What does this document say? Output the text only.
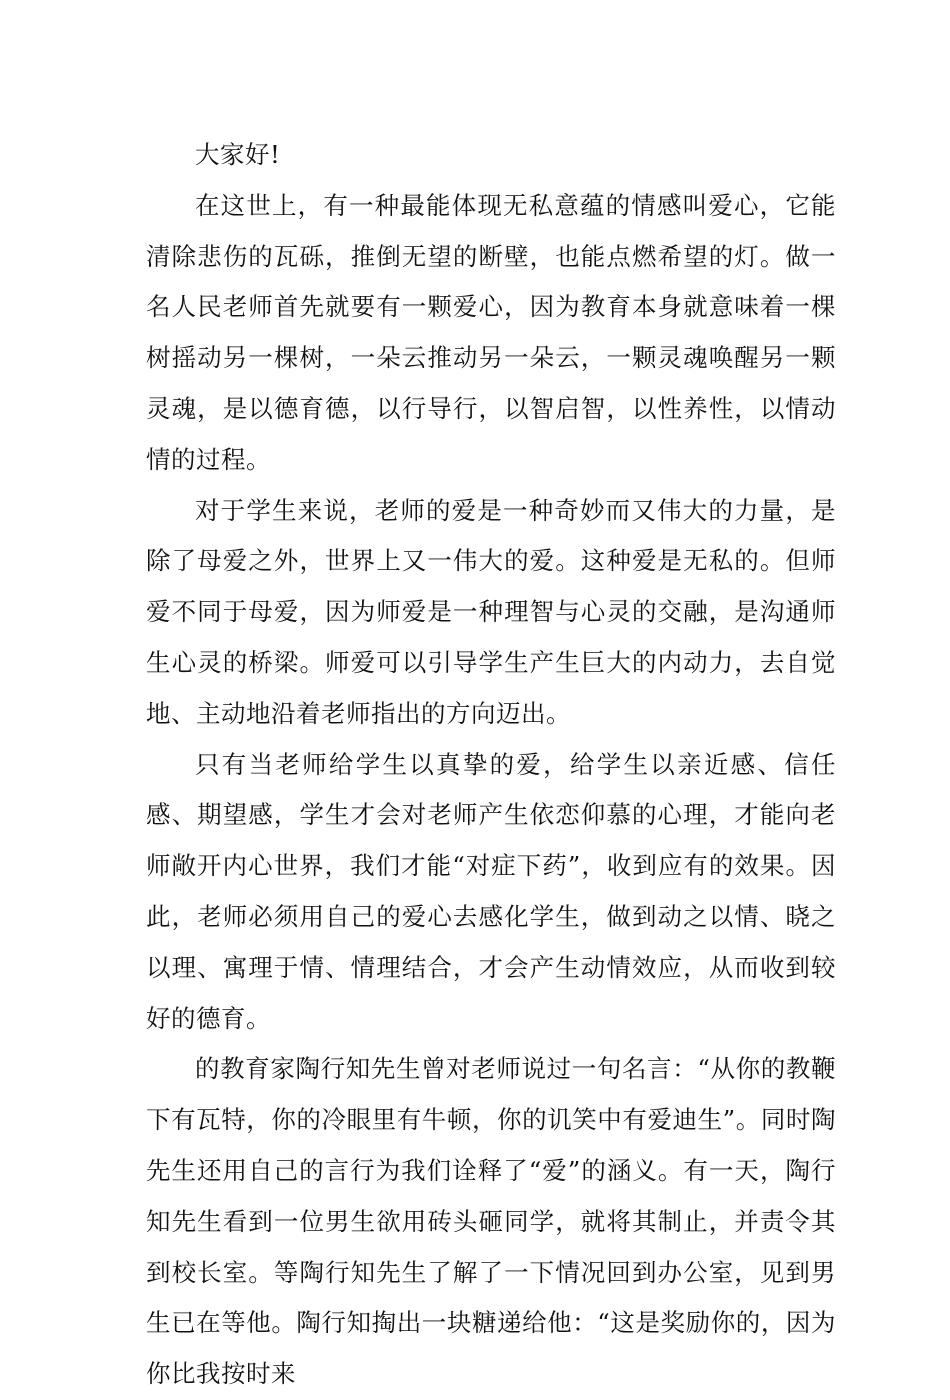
大家好!

在这世上，有一种最能体现无私意蕴的情感叫爱心，它能清除悲伤的瓦砾，推倒无望的断壁，也能点燃希望的灯。做一名人民老师首先就要有一颗爱心，因为教育本身就意味着一棵树摇动另一棵树，一朵云推动另一朵云，一颗灵魂唤醒另一颗灵魂，是以德育德，以行导行，以智启智，以性养性，以情动情的过程。

对于学生来说，老师的爱是一种奇妙而又伟大的力量，是除了母爱之外，世界上又一伟大的爱。这种爱是无私的。但师爱不同于母爱，因为师爱是一种理智与心灵的交融，是沟通师生心灵的桥梁。师爱可以引导学生产生巨大的内动力，去自觉地、主动地沿着老师指出的方向迈出。

只有当老师给学生以真挚的爱，给学生以亲近感、信任感、期望感，学生才会对老师产生依恋仰慕的心理，才能向老师敞开内心世界，我们才能“对症下药”，收到应有的效果。因此，老师必须用自己的爱心去感化学生，做到动之以情、晓之以理、寓理于情、情理结合，才会产生动情效应，从而收到较好的德育。

的教育家陶行知先生曾对老师说过一句名言：“从你的教鞭下有瓦特，你的冷眼里有牛顿，你的讥笑中有爱迪生”。同时陶先生还用自己的言行为我们诠释了“爱”的涵义。有一天，陶行知先生看到一位男生欲用砖头砸同学，就将其制止，并责令其到校长室。等陶行知先生了解了一下情况回到办公室，见到男生已在等他。陶行知掏出一块糖递给他：“这是奖励你的，因为你比我按时来
